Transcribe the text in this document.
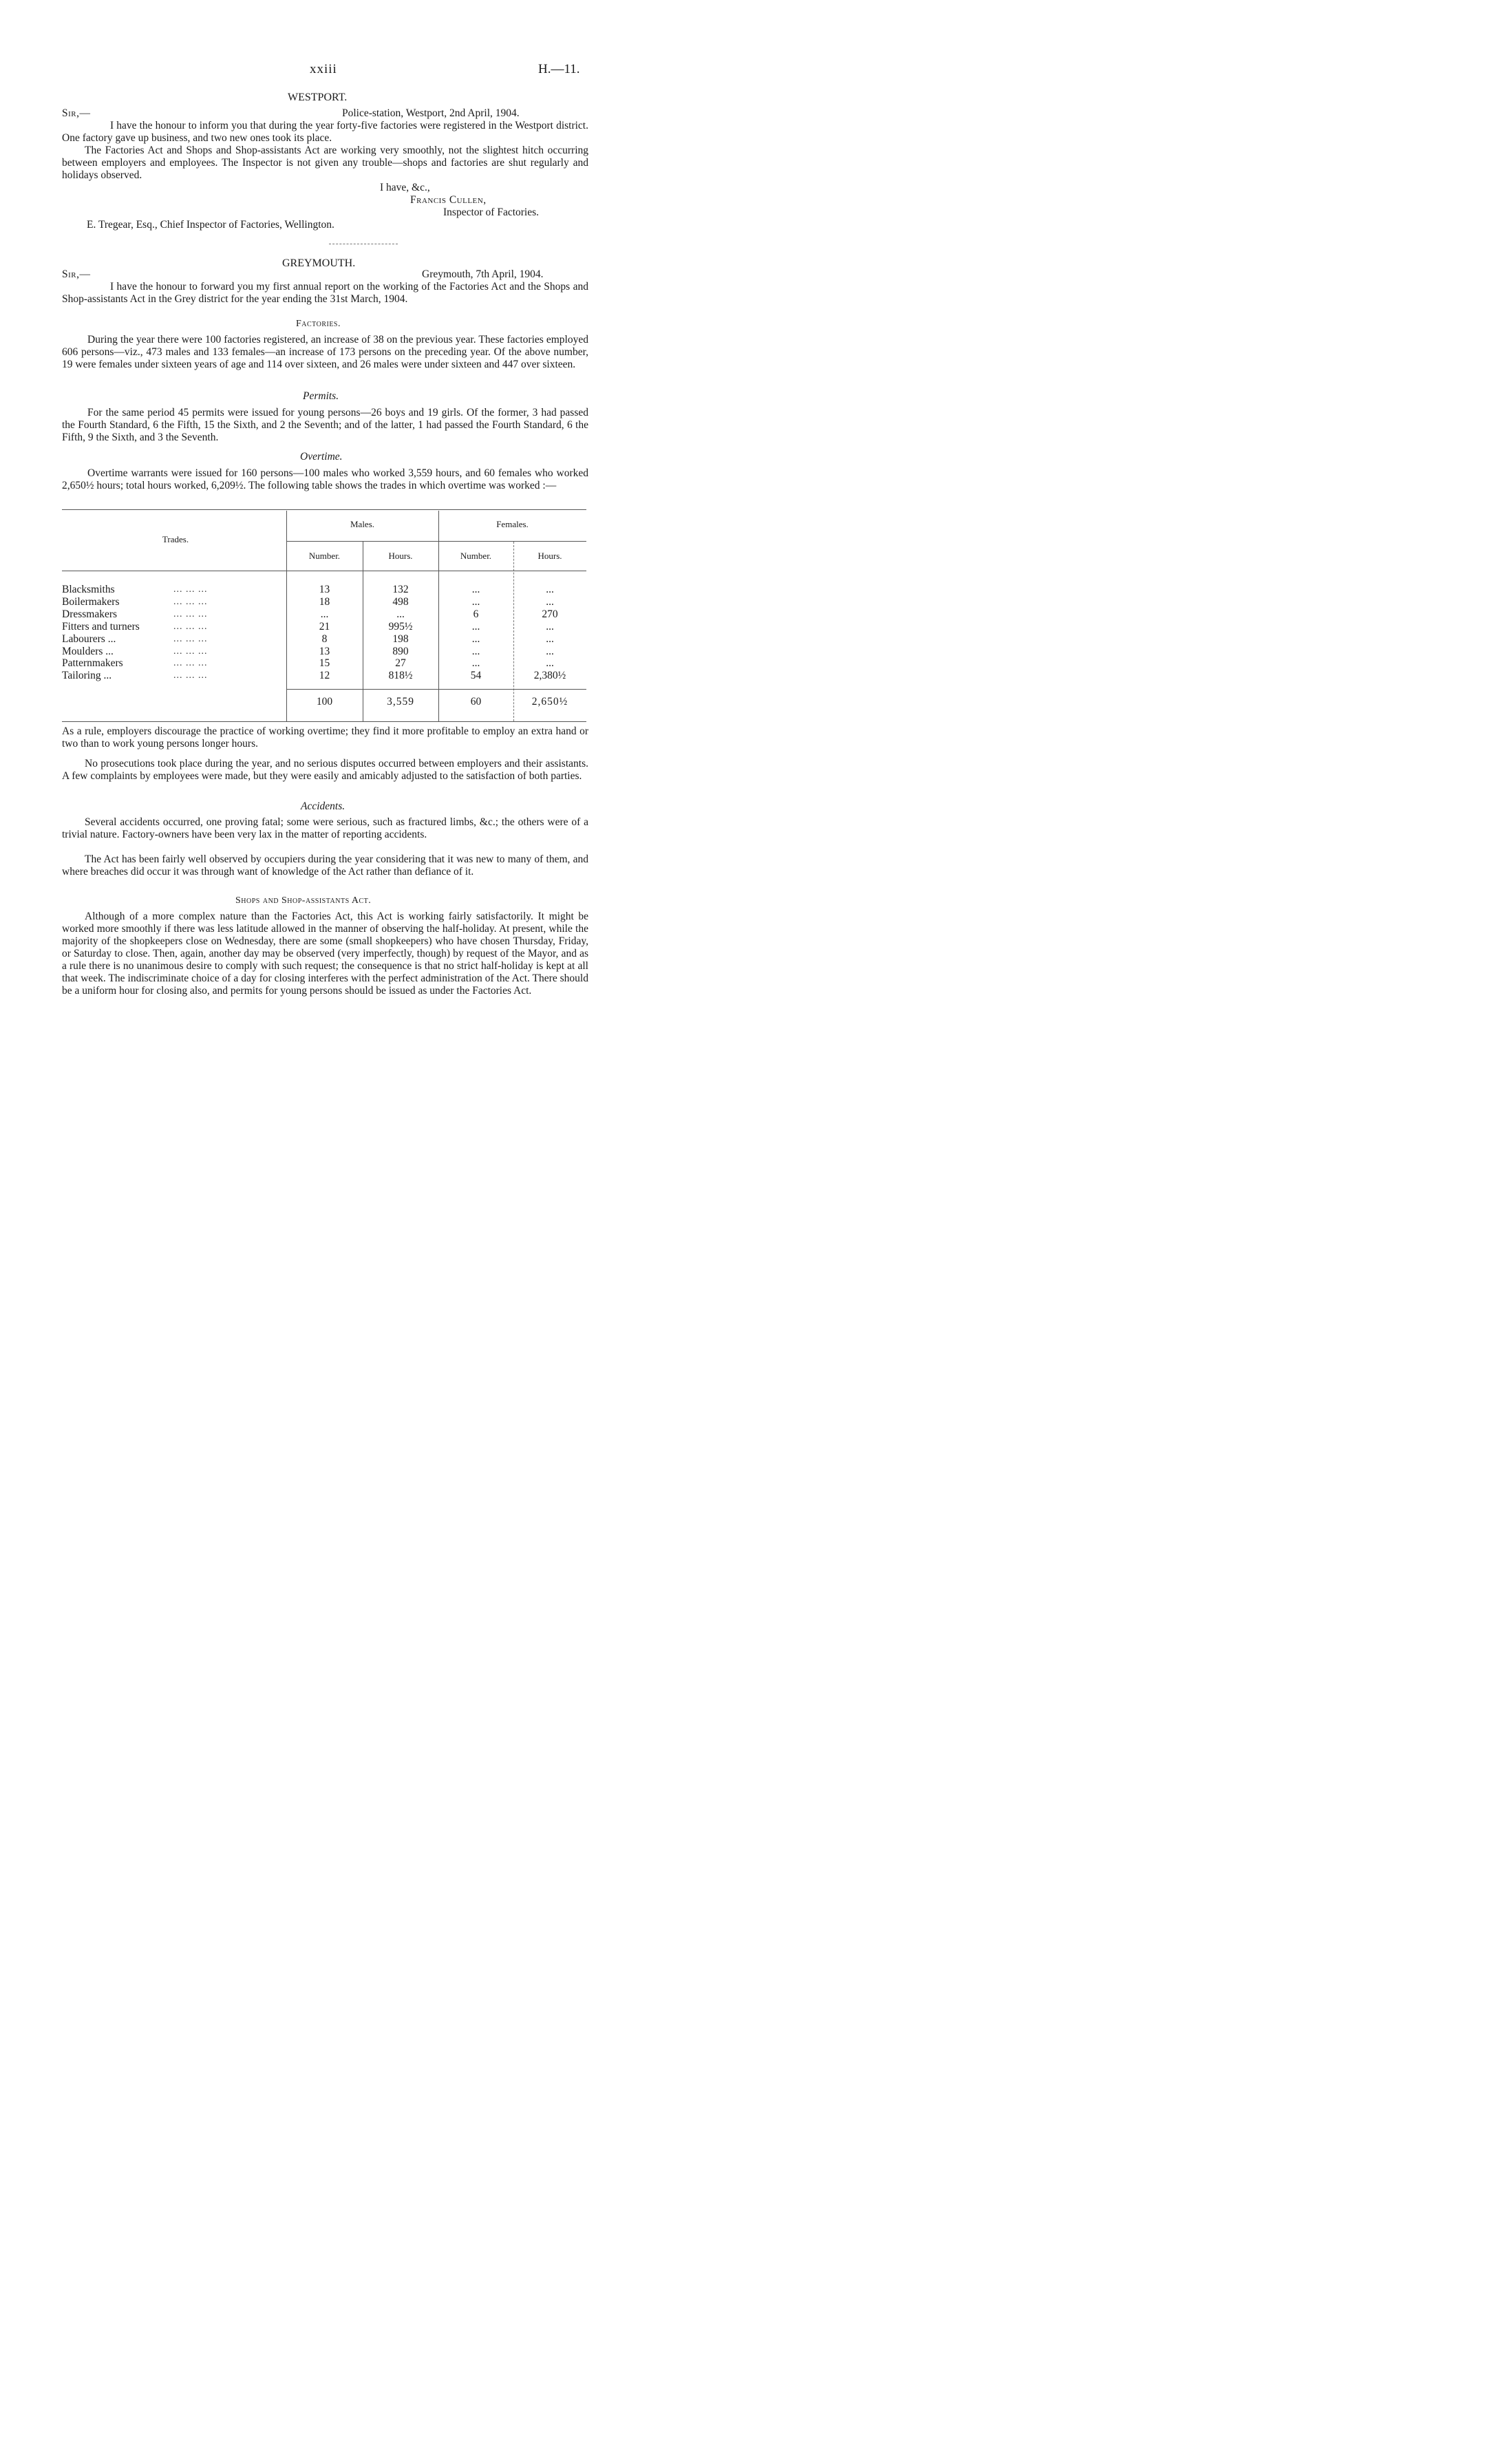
xxiii	H.—11.
WESTPORT.
Sir,—	Police-station, Westport, 2nd April, 1904.
I have the honour to inform you that during the year forty-five factories were registered in the Westport district. One factory gave up business, and two new ones took its place.
The Factories Act and Shops and Shop-assistants Act are working very smoothly, not the slightest hitch occurring between employers and employees. The Inspector is not given any trouble—shops and factories are shut regularly and holidays observed.
I have, &c.,
Francis Cullen,
Inspector of Factories.
E. Tregear, Esq., Chief Inspector of Factories, Wellington.
GREYMOUTH.
Sir,—	Greymouth, 7th April, 1904.
I have the honour to forward you my first annual report on the working of the Factories Act and the Shops and Shop-assistants Act in the Grey district for the year ending the 31st March, 1904.
Factories.
During the year there were 100 factories registered, an increase of 38 on the previous year. These factories employed 606 persons—viz., 473 males and 133 females—an increase of 173 persons on the preceding year. Of the above number, 19 were females under sixteen years of age and 114 over sixteen, and 26 males were under sixteen and 447 over sixteen.
Permits.
For the same period 45 permits were issued for young persons—26 boys and 19 girls. Of the former, 3 had passed the Fourth Standard, 6 the Fifth, 15 the Sixth, and 2 the Seventh; and of the latter, 1 had passed the Fourth Standard, 6 the Fifth, 9 the Sixth, and 3 the Seventh.
Overtime.
Overtime warrants were issued for 160 persons—100 males who worked 3,559 hours, and 60 females who worked 2,650½ hours; total hours worked, 6,209½. The following table shows the trades in which overtime was worked :—
Trades.
Males.	Females.
Number.	Hours.	Number.	Hours.
Blacksmiths	... ... ...	13	132	...	...
Boilermakers	... ... ...	18	498	...	...
Dressmakers	... ... ...	...	...	6	270
Fitters and turners	... ... ...	21	995½	...	...
Labourers ...	... ... ...	8	198	...	...
Moulders ...	... ... ...	13	890	...	...
Patternmakers	... ... ...	15	27	...	...
Tailoring ...	... ... ...	12	818½	54	2,380½
100	3,559	60	2,650½
As a rule, employers discourage the practice of working overtime; they find it more profitable to employ an extra hand or two than to work young persons longer hours.
No prosecutions took place during the year, and no serious disputes occurred between employers and their assistants. A few complaints by employees were made, but they were easily and amicably adjusted to the satisfaction of both parties.
Accidents.
Several accidents occurred, one proving fatal; some were serious, such as fractured limbs, &c.; the others were of a trivial nature. Factory-owners have been very lax in the matter of reporting accidents.
The Act has been fairly well observed by occupiers during the year considering that it was new to many of them, and where breaches did occur it was through want of knowledge of the Act rather than defiance of it.
Shops and Shop-assistants Act.
Although of a more complex nature than the Factories Act, this Act is working fairly satisfactorily. It might be worked more smoothly if there was less latitude allowed in the manner of observing the half-holiday. At present, while the majority of the shopkeepers close on Wednesday, there are some (small shopkeepers) who have chosen Thursday, Friday, or Saturday to close. Then, again, another day may be observed (very imperfectly, though) by request of the Mayor, and as a rule there is no unanimous desire to comply with such request; the consequence is that no strict half-holiday is kept at all that week. The indiscriminate choice of a day for closing interferes with the perfect administration of the Act. There should be a uniform hour for closing also, and permits for young persons should be issued as under the Factories Act.
